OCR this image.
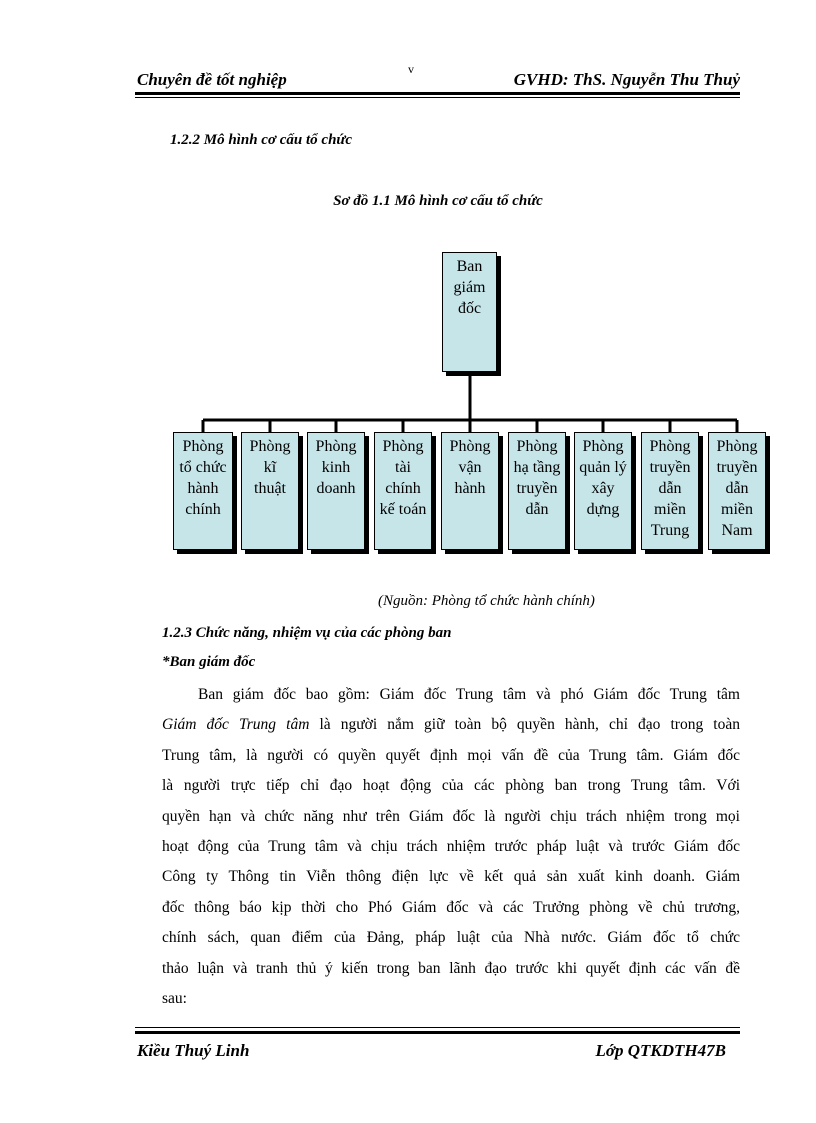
Chuyên đề tốt nghiệp
v
GVHD: ThS. Nguyễn Thu Thuỷ
1.2.2 Mô hình cơ cấu tổ chức
Sơ đồ 1.1 Mô hình cơ cấu tổ chức
Ban
giám
đốc
Phòng
tổ chức
hành
chính
Phòng
kĩ
thuật
Phòng
kinh
doanh
Phòng
tài
chính
kế toán
Phòng
vận
hành
Phòng
hạ tầng
truyền
dẫn
Phòng
quản lý
xây
dựng
Phòng
truyền
dẫn
miền
Trung
Phòng
truyền
dẫn
miền
Nam
(Nguồn: Phòng tổ chức hành chính)
1.2.3 Chức năng, nhiệm vụ của các phòng ban
*Ban giám đốc
Ban giám đốc bao gồm: Giám đốc Trung tâm và phó Giám đốc Trung tâm
Giám đốc Trung tâm là người nắm giữ toàn bộ quyền hành, chỉ đạo trong toàn
Trung tâm, là người có quyền quyết định mọi vấn đề của Trung tâm. Giám đốc
là người trực tiếp chỉ đạo hoạt động của các phòng ban trong Trung tâm. Với
quyền hạn và chức năng như trên Giám đốc là người chịu trách nhiệm trong mọi
hoạt động của Trung tâm và chịu trách nhiệm trước pháp luật và trước Giám đốc
Công ty Thông tin Viễn thông điện lực về kết quả sản xuất kinh doanh. Giám
đốc thông báo kịp thời cho Phó Giám đốc và các Trưởng phòng về chủ trương,
chính sách, quan điểm của Đảng, pháp luật của Nhà nước. Giám đốc tổ chức
thảo luận và tranh thủ ý kiến trong ban lãnh đạo trước khi quyết định các vấn đề
sau:
Kiều Thuý Linh	Lớp QTKDTH47B
